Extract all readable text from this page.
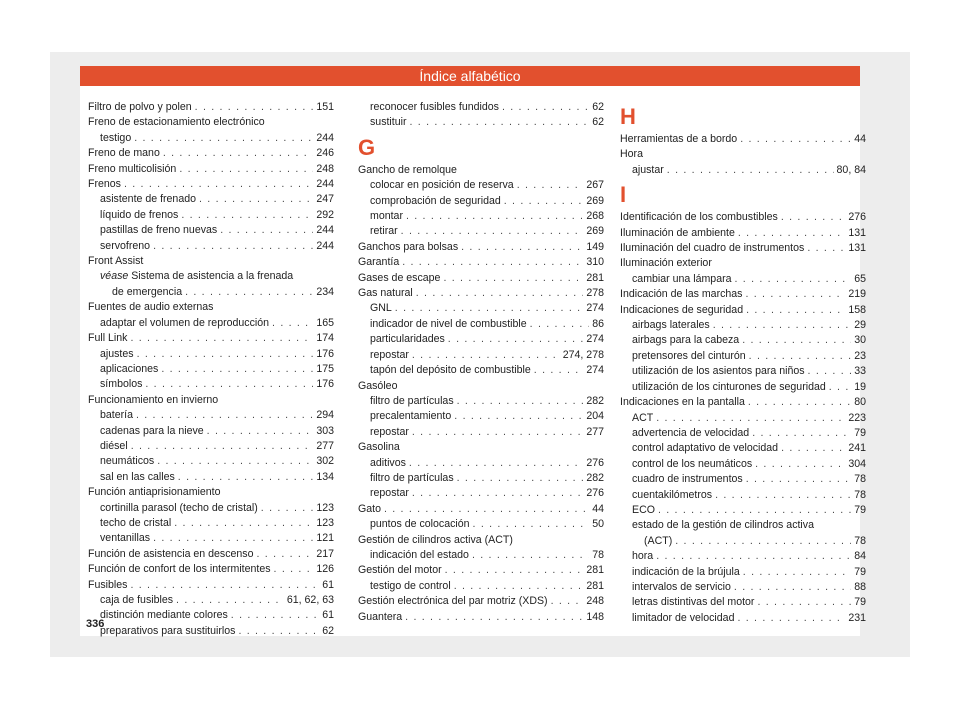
Índice alfabético
Filtro de polvo y polen . . .	151
Freno de estacionamiento electrónico
testigo . . .	244
Freno de mano . . .	246
Freno multicolisión . . .	248
Frenos . . .	244
asistente de frenado . . .	247
líquido de frenos . . .	292
pastillas de freno nuevas . . .	244
servofreno . . .	244
Front Assist
véase Sistema de asistencia a la frenada
de emergencia . . .	234
Fuentes de audio externas
adaptar el volumen de reproducción . . .	165
Full Link . . .	174
ajustes . . .	176
aplicaciones . . .	175
símbolos . . .	176
Funcionamiento en invierno
batería . . .	294
cadenas para la nieve . . .	303
diésel . . .	277
neumáticos . . .	302
sal en las calles . . .	134
Función antiaprisionamiento
cortinilla parasol (techo de cristal) . . .	123
techo de cristal . . .	123
ventanillas . . .	121
Función de asistencia en descenso . . .	217
Función de confort de los intermitentes . . .	126
Fusibles . . .	61
caja de fusibles . . .	61, 62, 63
distinción mediante colores . . .	61
preparativos para sustituirlos . . .	62
reconocer fusibles fundidos . . .	62
sustituir . . .	62
G
Gancho de remolque
colocar en posición de reserva . . .	267
comprobación de seguridad . . .	269
montar . . .	268
retirar . . .	269
Ganchos para bolsas . . .	149
Garantía . . .	310
Gases de escape . . .	281
Gas natural . . .	278
GNL . . .	274
indicador de nivel de combustible . . .	86
particularidades . . .	274
repostar . . .	274, 278
tapón del depósito de combustible . . .	274
Gasóleo
filtro de partículas . . .	282
precalentamiento . . .	204
repostar . . .	277
Gasolina
aditivos . . .	276
filtro de partículas . . .	282
repostar . . .	276
Gato . . .	44
puntos de colocación . . .	50
Gestión de cilindros activa (ACT)
indicación del estado . . .	78
Gestión del motor . . .	281
testigo de control . . .	281
Gestión electrónica del par motriz (XDS) . . .	248
Guantera . . .	148
H
Herramientas de a bordo . . .	44
Hora
ajustar . . .	80, 84
I
Identificación de los combustibles . . .	276
Iluminación de ambiente . . .	131
Iluminación del cuadro de instrumentos . . .	131
Iluminación exterior
cambiar una lámpara . . .	65
Indicación de las marchas . . .	219
Indicaciones de seguridad . . .	158
airbags laterales . . .	29
airbags para la cabeza . . .	30
pretensores del cinturón . . .	23
utilización de los asientos para niños . . .	33
utilización de los cinturones de seguridad . . .	19
Indicaciones en la pantalla . . .	80
ACT . . .	223
advertencia de velocidad . . .	79
control adaptativo de velocidad . . .	241
control de los neumáticos . . .	304
cuadro de instrumentos . . .	78
cuentakilómetros . . .	78
ECO . . .	79
estado de la gestión de cilindros activa
(ACT) . . .	78
hora . . .	84
indicación de la brújula . . .	79
intervalos de servicio . . .	88
letras distintivas del motor . . .	79
limitador de velocidad . . .	231
336
